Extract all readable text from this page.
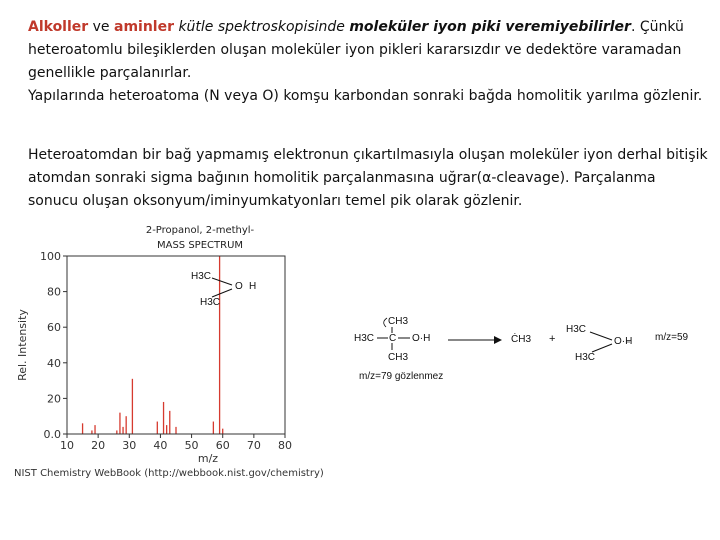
Alkoller ve aminler kütle spektroskopisinde moleküler iyon piki veremiyebilirler. Çünkü heteroatomlu bileşiklerden oluşan moleküler iyon pikleri kararsızdır ve dedektöre varamadan genellikle parçalanırlar.
Yapılarında heteroatoma (N veya O) komşu karbondan sonraki bağda homolitik yarılma gözlenir.

Heteroatomdan bir bağ yapmamış elektronun çıkartılmasıyla oluşan moleküler iyon derhal bitişik atomdan sonraki sigma bağının homolitik parçalanmasına uğrar(α-cleavage). Parçalanma sonucu oluşan oksonyum/iminyumkatyonları temel pik olarak gözlenir.

2-Propanol, 2-methyl-
MASS SPECTRUM
10 20 30 40 50 60 70 80
0.0
20
40
60
80
100
m/z
Rel. Intensity
H3C
H3C
O H
CH3
H3C C O·H
CH3
m/z=79 gözlenmez
ĊH3 +
H3C
H3C
O·H m/z=59
NIST Chemistry WebBook (http://webbook.nist.gov/chemistry)
